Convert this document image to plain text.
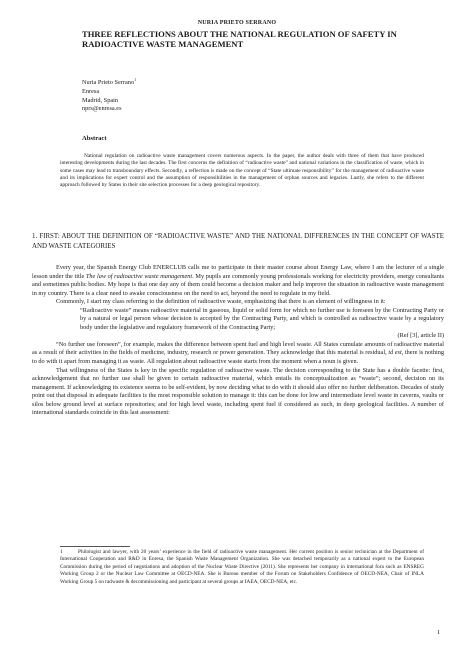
NURIA PRIETO SERRANO
THREE REFLECTIONS ABOUT THE NATIONAL REGULATION OF SAFETY IN RADIOACTIVE WASTE MANAGEMENT
Nuria Prieto Serrano$^1$
Enresa
Madrid, Spain
nprs@enresa.es
Abstract

National regulation on radioactive waste management covers numerous aspects. In the paper, the author deals with three of them that have produced interesting developments during the last decades. The first concerns the definition of “radioactive waste” and national variations in the classification of waste, which in some cases may lead to transboundary effects. Secondly, a reflection is made on the concept of “State ultimate responsibility” for the management of radioactive waste and its implications for expert control and the assumption of responsibilities in the management of orphan sources and legacies. Lastly, she refers to the different approach followed by States in their site selection processes for a deep geological repository.

1. FIRST: ABOUT THE DEFINITION OF “RADIOACTIVE WASTE” AND THE NATIONAL DIFFERENCES IN THE CONCEPT OF WASTE AND WASTE CATEGORIES

Every year, the Spanish Energy Club ENERCLUB calls me to participate in their master course about Energy Law, where I am the lecturer of a single lesson under the title The law of radioactive waste management. My pupils are commonly young professionals working for electricity providers, energy consultants and sometimes public bodies. My hope is that one day any of them could become a decision maker and help improve the situation in radioactive waste management in my country. There is a clear need to awake consciousness on the need to act, beyond the need to regulate in my field.

Commonly, I start my class referring to the definition of radioactive waste, emphasizing that there is an element of willingness in it:

“Radioactive waste” means radioactive material in gaseous, liquid or solid form for which no further use is foreseen by the Contracting Party or by a natural or legal person whose decision is accepted by the Contracting Party, and which is controlled as radioactive waste by a regulatory body under the legislative and regulatory framework of the Contracting Party;

(Ref [3], article II)

“No further use foreseen”, for example, makes the difference between spent fuel and high level waste. All States cumulate amounts of radioactive material as a result of their activities in the fields of medicine, industry, research or power generation. They acknowledge that this material is residual, id est, there is nothing to do with it apart from managing it as waste. All regulation about radioactive waste starts from the moment when a noun is given.

That willingness of the States is key in the specific regulation of radioactive waste. The decision corresponding to the State has a double facette: first, acknowledgement that no further use shall be given to certain radioactive material, which entails its conceptualization as “waste”; second, decision on its management. If acknowledging its existence seems to be self-evident, by now deciding what to do with it should also offer no further deliberation. Decades of study point out that disposal in adequate facilities is the most responsible solution to manage it: this can be done for low and intermediate level waste in caverns, vaults or silos below ground level at surface repositories; and for high level waste, including spent fuel if considered as such, in deep geological facilities. A number of international standards coincide in this last assessment:

1	Philologist and lawyer, with 20 years’ experience in the field of radioactive waste management. Her current position is senior technician at the Department of International Cooperation and R&D in Enresa, the Spanish Waste Management Organization. She was detached temporarily as a national expert to the European Commission during the period of negotiations and adoption of the Nuclear Waste Directive (2011). She represents her company in international fora such as ENSREG Working Group 2 or the Nuclear Law Committee at OECD-NEA. She is Bureau member of the Forum on Stakeholders Confidence of OECD-NEA, Chair of INLA Working Group 5 on radwaste & decommissioning and participant at several groups at IAEA, OECD-NEA, etc.

1
